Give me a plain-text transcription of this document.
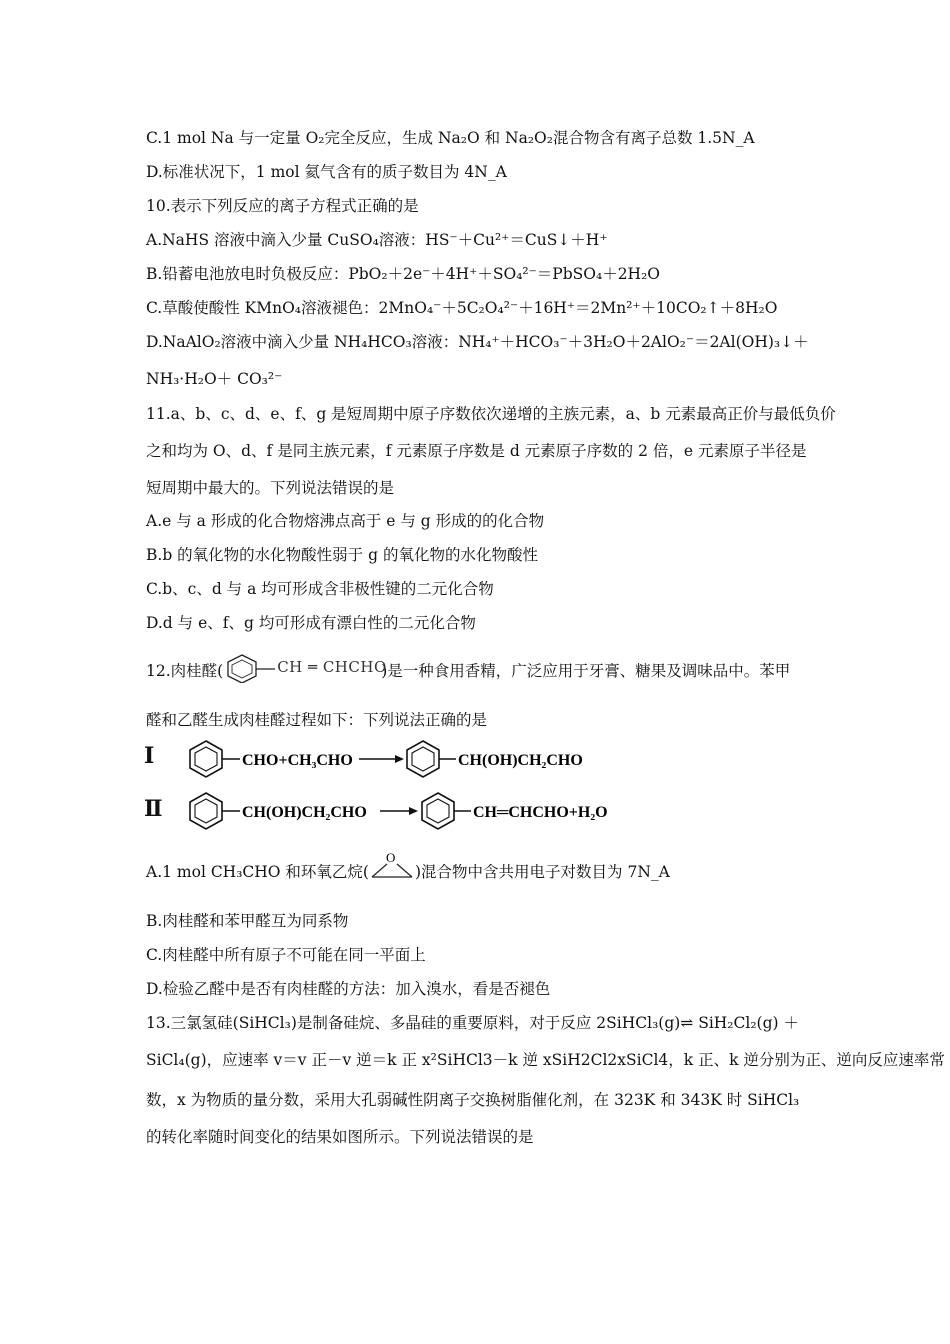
C.1 mol Na 与一定量 O₂完全反应，生成 Na₂O 和 Na₂O₂混合物含有离子总数 1.5N_A
D.标准状况下，1 mol 氦气含有的质子数目为 4N_A
10.表示下列反应的离子方程式正确的是
A.NaHS 溶液中滴入少量 CuSO₄溶液：HS⁻＋Cu²⁺＝CuS↓＋H⁺
B.铅蓄电池放电时负极反应：PbO₂＋2e⁻＋4H⁺＋SO₄²⁻＝PbSO₄＋2H₂O
C.草酸使酸性 KMnO₄溶液褪色：2MnO₄⁻＋5C₂O₄²⁻＋16H⁺＝2Mn²⁺＋10CO₂↑＋8H₂O
D.NaAlO₂溶液中滴入少量 NH₄HCO₃溶液：NH₄⁺＋HCO₃⁻＋3H₂O＋2AlO₂⁻＝2Al(OH)₃↓＋
NH₃·H₂O＋ CO₃²⁻
11.a、b、c、d、e、f、g 是短周期中原子序数依次递增的主族元素，a、b 元素最高正价与最低负价
之和均为 O、d、f 是同主族元素，f 元素原子序数是 d 元素原子序数的 2 倍，e 元素原子半径是
短周期中最大的。下列说法错误的是
A.e 与 a 形成的化合物熔沸点高于 e 与 g 形成的的化合物
B.b 的氧化物的水化物酸性弱于 g 的氧化物的水化物酸性
C.b、c、d 与 a 均可形成含非极性键的二元化合物
D.d 与 e、f、g 均可形成有漂白性的二元化合物
12.肉桂醛(	CH ═ CHCHO
)是一种食用香精，广泛应用于牙膏、糖果及调味品中。苯甲
醛和乙醛生成肉桂醛过程如下：下列说法正确的是
Ⅰ	CHO+CH₃CHO	CH(OH)CH₂CHO
Ⅱ	CH(OH)CH₂CHO	CH═CHCHO+H₂O
A.1 mol CH₃CHO 和环氧乙烷(
O
)混合物中含共用电子对数目为 7N_A
B.肉桂醛和苯甲醛互为同系物
C.肉桂醛中所有原子不可能在同一平面上
D.检验乙醛中是否有肉桂醛的方法：加入溴水，看是否褪色
13.三氯氢硅(SiHCl₃)是制备硅烷、多晶硅的重要原料，对于反应 2SiHCl₃(g)⇌ SiH₂Cl₂(g) ＋
SiCl₄(g)，应速率 v＝v 正－v 逆＝k 正 x²SiHCl3－k 逆 xSiH2Cl2xSiCl4，k 正、k 逆分别为正、逆向反应速率常
数，x 为物质的量分数，采用大孔弱碱性阴离子交换树脂催化剂，在 323K 和 343K 时 SiHCl₃
的转化率随时间变化的结果如图所示。下列说法错误的是
